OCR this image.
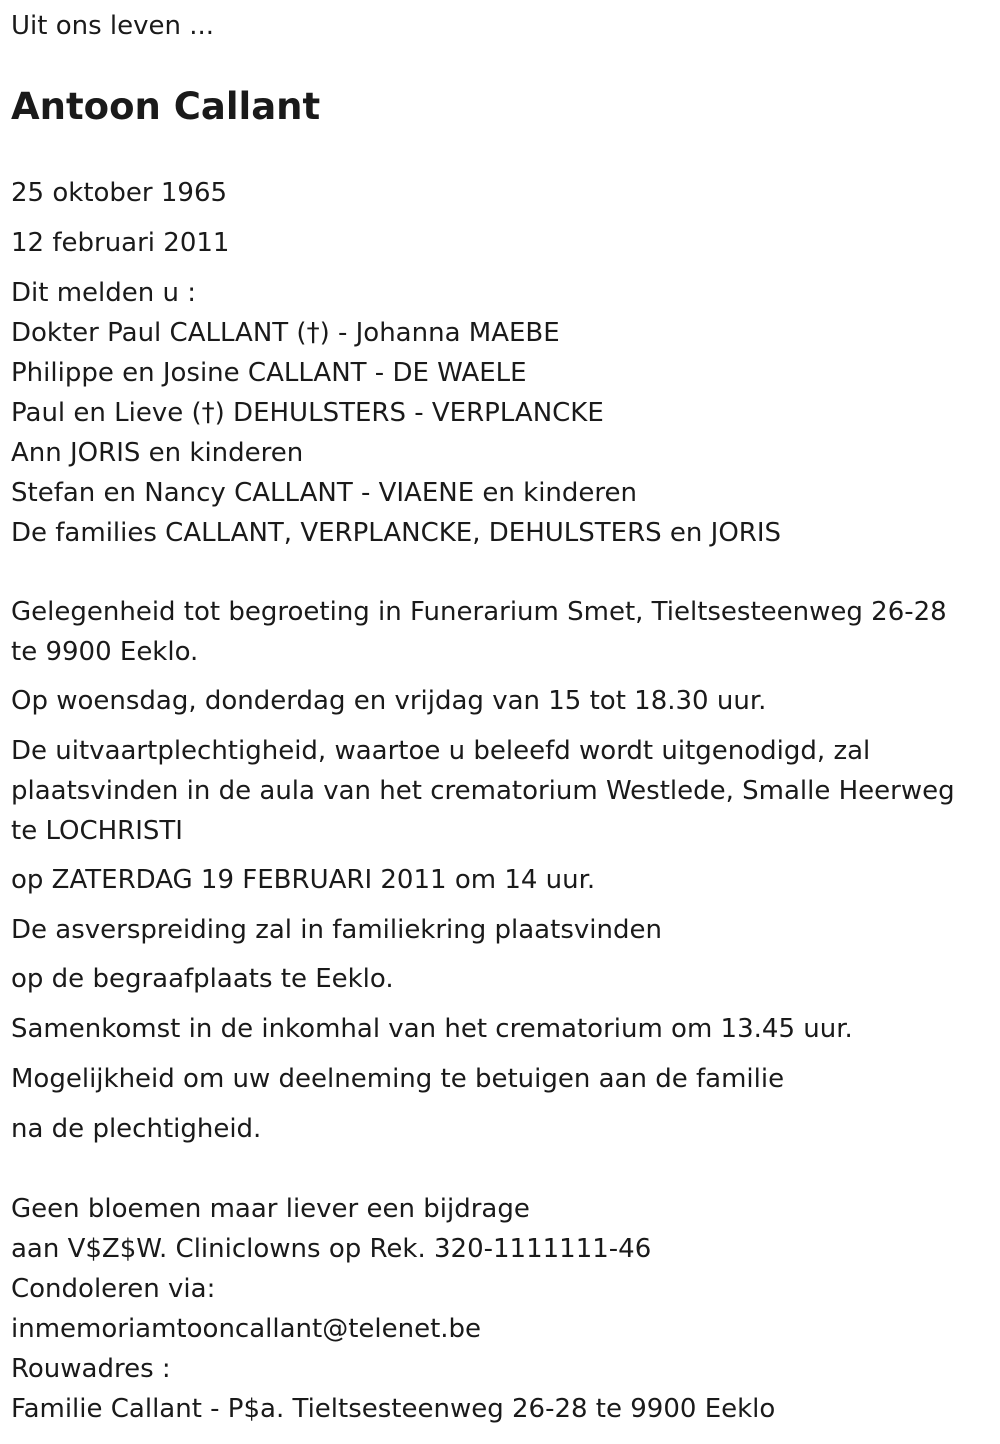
Uit ons leven ...

Antoon Callant

25 oktober 1965

12 februari 2011

Dit melden u :

Dokter Paul CALLANT (†) - Johanna MAEBE

Philippe en Josine CALLANT - DE WAELE

Paul en Lieve (†) DEHULSTERS - VERPLANCKE

Ann JORIS en kinderen

Stefan en Nancy CALLANT - VIAENE en kinderen

De families CALLANT, VERPLANCKE, DEHULSTERS en JORIS

Gelegenheid tot begroeting in Funerarium Smet, Tieltsesteenweg 26-28

te 9900 Eeklo.

Op woensdag, donderdag en vrijdag van 15 tot 18.30 uur.

De uitvaartplechtigheid, waartoe u beleefd wordt uitgenodigd, zal

plaatsvinden in de aula van het crematorium Westlede, Smalle Heerweg

te LOCHRISTI

op ZATERDAG 19 FEBRUARI 2011 om 14 uur.

De asverspreiding zal in familiekring plaatsvinden

op de begraafplaats te Eeklo.

Samenkomst in de inkomhal van het crematorium om 13.45 uur.

Mogelijkheid om uw deelneming te betuigen aan de familie

na de plechtigheid.

Geen bloemen maar liever een bijdrage

aan V$Z$W. Cliniclowns op Rek. 320-1111111-46

Condoleren via:

inmemoriamtooncallant@telenet.be

Rouwadres :

Familie Callant - P$a. Tieltsesteenweg 26-28 te 9900 Eeklo
